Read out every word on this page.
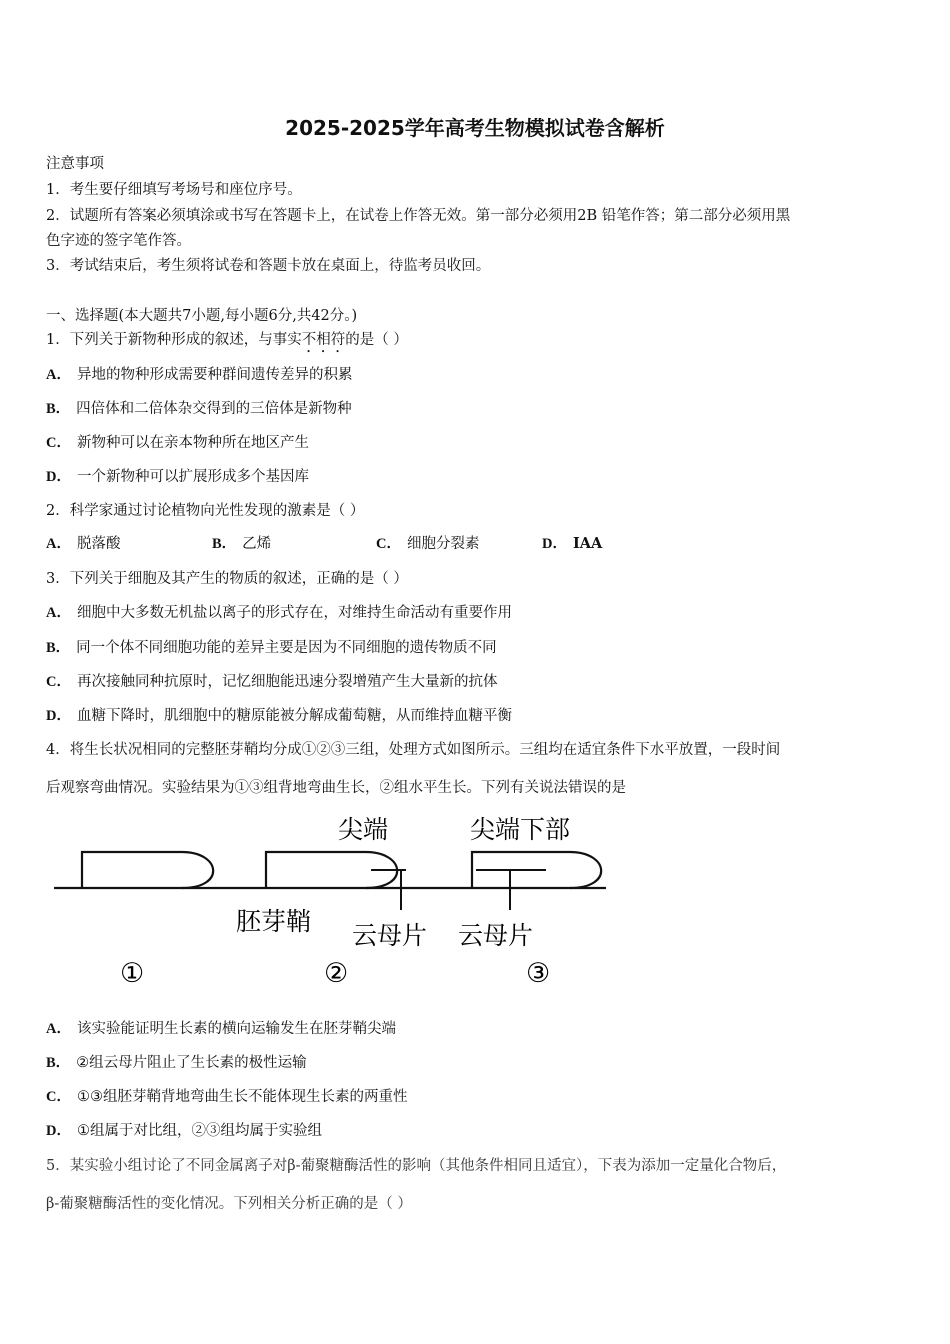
2025-2025学年高考生物模拟试卷含解析
注意事项
1．考生要仔细填写考场号和座位序号。
2．试题所有答案必须填涂或书写在答题卡上，在试卷上作答无效。第一部分必须用2B 铅笔作答；第二部分必须用黑
色字迹的签字笔作答。
3．考试结束后，考生须将试卷和答题卡放在桌面上，待监考员收回。
一、选择题(本大题共7小题,每小题6分,共42分。)
1．下列关于新物种形成的叙述，与事实不相符的是（ ）
A． 异地的物种形成需要种群间遗传差异的积累
B． 四倍体和二倍体杂交得到的三倍体是新物种
C． 新物种可以在亲本物种所在地区产生
D． 一个新物种可以扩展形成多个基因库
2．科学家通过讨论植物向光性发现的激素是（ ）
A． 脱落酸	B． 乙烯	C． 细胞分裂素	D． IAA
3．下列关于细胞及其产生的物质的叙述，正确的是（ ）
A． 细胞中大多数无机盐以离子的形式存在，对维持生命活动有重要作用
B． 同一个体不同细胞功能的差异主要是因为不同细胞的遗传物质不同
C． 再次接触同种抗原时，记忆细胞能迅速分裂增殖产生大量新的抗体
D． 血糖下降时，肌细胞中的糖原能被分解成葡萄糖，从而维持血糖平衡
4．将生长状况相同的完整胚芽鞘均分成①②③三组，处理方式如图所示。三组均在适宜条件下水平放置，一段时间
后观察弯曲情况。实验结果为①③组背地弯曲生长，②组水平生长。下列有关说法错误的是
尖端	尖端下部
胚芽鞘 云母片 云母片
①	②	③
A． 该实验能证明生长素的横向运输发生在胚芽鞘尖端
B． ②组云母片阻止了生长素的极性运输
C． ①③组胚芽鞘背地弯曲生长不能体现生长素的两重性
D． ①组属于对比组，②③组均属于实验组
5．某实验小组讨论了不同金属离子对β-葡聚糖酶活性的影响（其他条件相同且适宜），下表为添加一定量化合物后，
β-葡聚糖酶活性的变化情况。下列相关分析正确的是（ ）
